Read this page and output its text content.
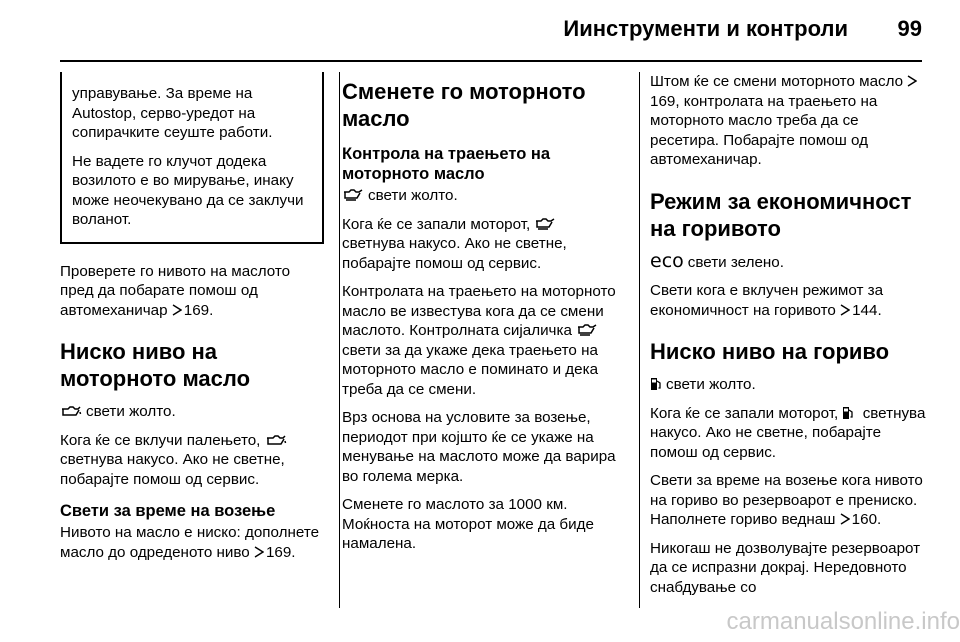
Иинструменти и контроли 99

управување. За време на Autostop, серво-уредот на сопирачките сеуште работи.

Не вадете го клучот додека возилото е во мирување, инаку може неочекувано да се заклучи воланот.

Проверете го нивото на маслото пред да побарате помош од автомеханичар 169.

Ниско ниво на моторното масло

свети жолто.

Кога ќе се вклучи палењето,  светнува накусо. Ако не светне, побарајте помош од сервис.

Свети за време на возење

Нивото на масло е ниско: дополнете масло до одреденото ниво 169.

Сменете го моторното масло
Контрола на траењето на моторното масло

свети жолто.

Кога ќе се запали моторот,  светнува накусо. Ако не светне, побарајте помош од сервис.

Контролата на траењето на моторното масло ве известува кога да се смени маслото. Контролната сијаличка  свети за да укаже дека траењето на моторното масло е поминато и дека треба да се смени.

Врз основа на условите за возење, периодот при којшто ќе се укаже на менување на маслото може да варира во голема мерка.

Сменете го маслото за 1000 км. Моќноста на моторот може да биде намалена.

Штом ќе се смени моторното масло 169, контролата на траењето на моторното масло треба да се ресетира. Побарајте помош од автомеханичар.

Режим за економичност на горивото

eco свети зелено.

Свети кога е вклучен режимот за економичност на горивото 144.

Ниско ниво на гориво

свети жолто.

Кога ќе се запали моторот, светнува накусо. Ако не светне, побарајте помош од сервис.

Свети за време на возење кога нивото на гориво во резервоарот е прениско. Наполнете гориво веднаш 160.

Никогаш не дозволувајте резервоарот да се испразни докрај. Нередовното снабдување со

carmanualsonline.info
